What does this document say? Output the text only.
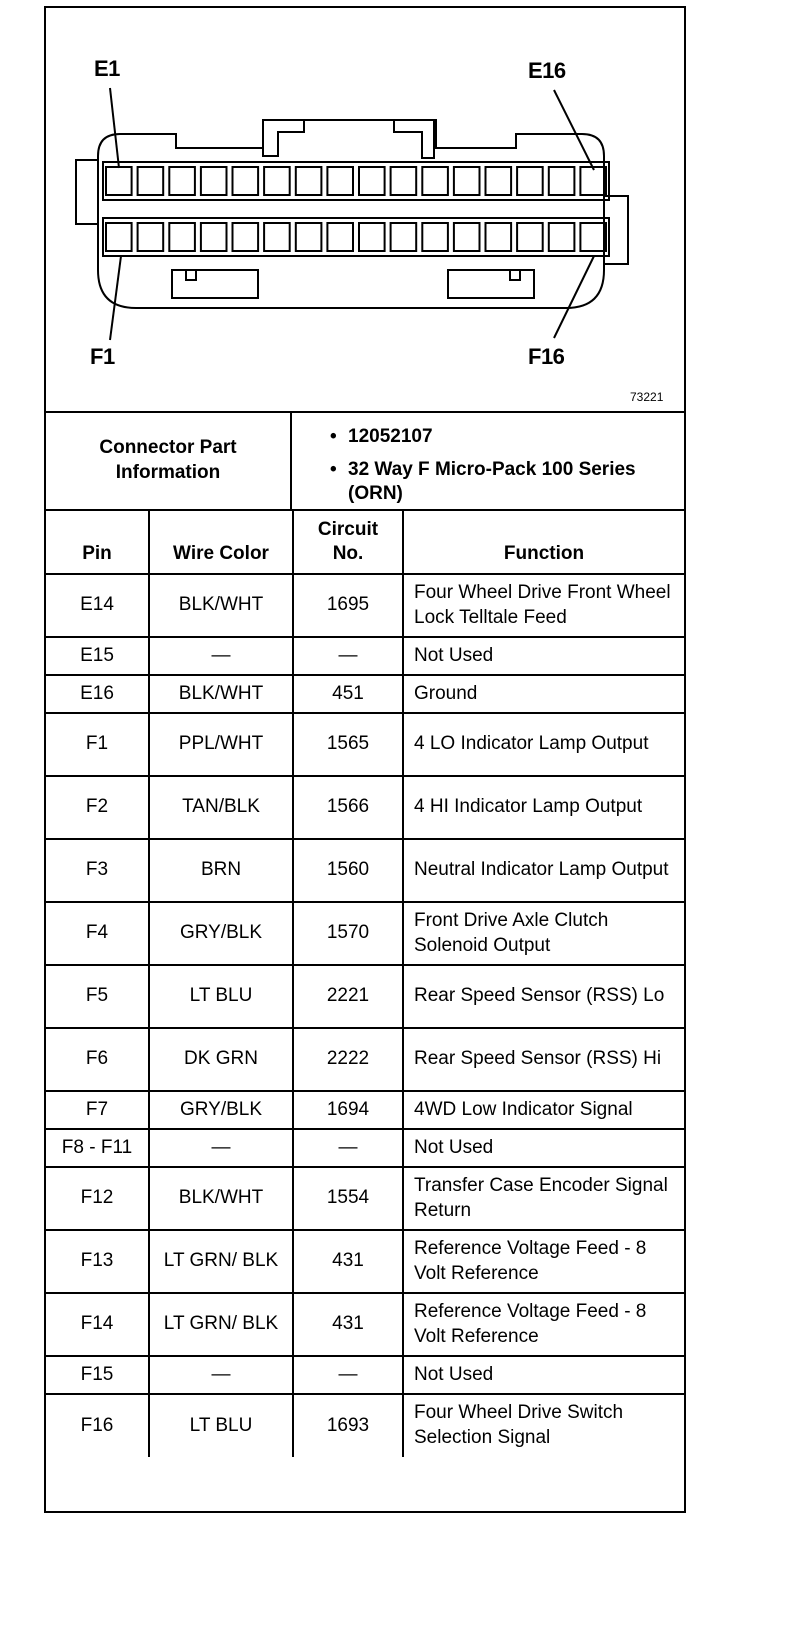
E1	E16
F1	F16
73221
Connector Part Information
• 12052107
• 32 Way F Micro-Pack 100 Series (ORN)
Pin	Wire Color	Circuit No.	Function
E14	BLK/WHT	1695	Four Wheel Drive Front Wheel Lock Telltale Feed
E15	—	—	Not Used
E16	BLK/WHT	451	Ground
F1	PPL/WHT	1565	4 LO Indicator Lamp Output
F2	TAN/BLK	1566	4 HI Indicator Lamp Output
F3	BRN	1560	Neutral Indicator Lamp Output
F4	GRY/BLK	1570	Front Drive Axle Clutch Solenoid Output
F5	LT BLU	2221	Rear Speed Sensor (RSS) Lo
F6	DK GRN	2222	Rear Speed Sensor (RSS) Hi
F7	GRY/BLK	1694	4WD Low Indicator Signal
F8 - F11	—	—	Not Used
F12	BLK/WHT	1554	Transfer Case Encoder Signal Return
F13	LT GRN/ BLK	431	Reference Voltage Feed - 8 Volt Reference
F14	LT GRN/ BLK	431	Reference Voltage Feed - 8 Volt Reference
F15	—	—	Not Used
F16	LT BLU	1693	Four Wheel Drive Switch Selection Signal
